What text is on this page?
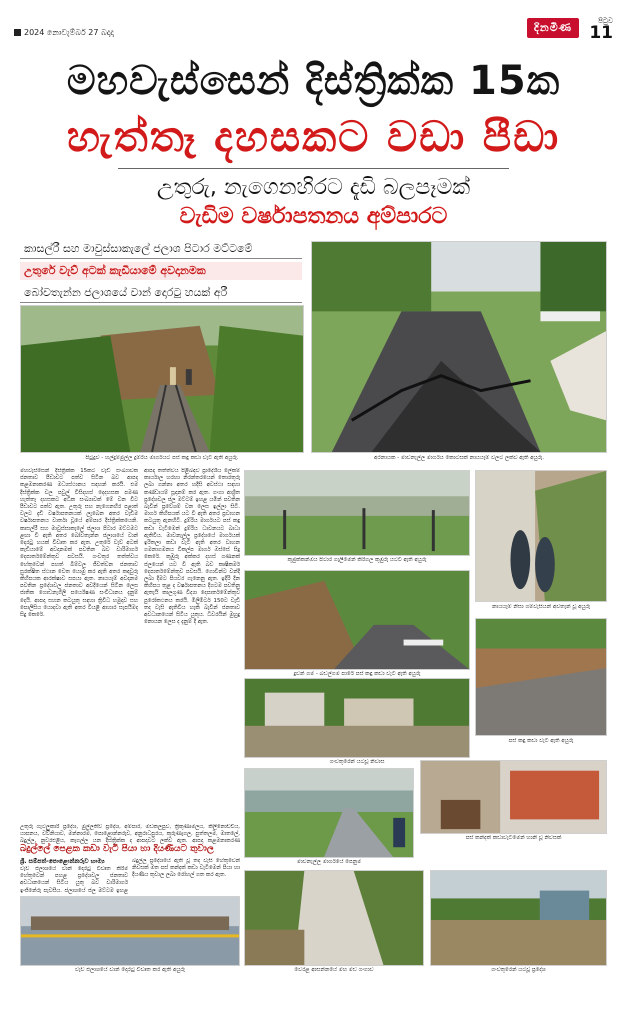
2024 නොවැම්බර් 27 බදාදා	දිනමිණ	පිටුව
11
මහවැස්සෙන් දිස්ත්‍රික්ක 15ක
හැත්තෑ දහසකට වඩා පීඩා
උතුරු, නැගෙනහිරට දැඩි බලපෑමක්
වැඩිම වර්ෂාපතනය අම්පාරට
කාසල්රී සහ මාවුස්සාකැලේ ජලාශ පිටාර මට්ටමේ
උතුරේ වැව් අටක් කැඩීයාමේ අවදානමක
බෝවතැන්න ජලාශයේ වාන් දොරටු හයක් අරී
පිටුදුව - හල්දුම්මුල්ල දුම්රිය මාර්ගයට පස් කඳු කඩා වැටී ඇති අයුරු.	අරනායක - මාවනැල්ල මාර්ගය කොටසක් නායයෑම් වලට ලක්ව ඇති අයුරු.
මහවැස්සෙන් දිස්ත්‍රික්ක 15කට වැඩි සංඛ්‍යාවක ජනතාව පීඩාවට පත්ව සිටින බව ආපදා කළමනාකරණ මධ්‍යස්ථානය සඳහන් කරයි. එම දිස්ත්‍රික්ක වල පවුල් විසිදහස් දෙදහසක පමණ හැත්තෑ දහසකට අධික සංඛ්‍යාවක් මේ වන විට පීඩාවට පත්ව ඇත. උතුරු සහ නැගෙනහිර පළාත් වලට දැඩි වර්ෂාපතනයක් ලැබෙන අතර වැඩිම වර්ෂාපතනය වාර්තා වූයේ අම්පාර දිස්ත්‍රික්කයෙනි. කාසල්රී සහ මාවුස්සාකැලේ ජලාශ පිටාර මට්ටමට ළඟා වී ඇති අතර බෝවතැන්න ජලාශයේ වාන් දොරටු හයක් විවෘත කර ඇත. උතුරේ වැව් අටක් කැඩීයාමේ අවදානමක් පවතින බව වාරිමාර්ග දෙපාර්තමේන්තුව පවසයි. ගංවතුර තත්ත්වය හේතුවෙන් පහත් බිම්වල ජීවත්වන ජනතාව සුරක්ෂිත ස්ථාන වෙත යොමු කර ඇති අතර කඳවුරු කිහිපයක ආරක්ෂාව සපයා ඇත. නායයෑම් අවදානම පවතින ප්‍රදේශවල ජනතාව අවදියෙන් සිටින ලෙස ජාතික ගොඩනැගිලි පර්යේෂණ සංවිධානය දැනුම් දෙයි. ආපදා සහන කටයුතු සඳහා ත්‍රිවිධ හමුදාව සහ පොලිසිය යොදවා ඇති අතර වියළි ආහාර සැපයීමද සිදු කෙරේ.
ආපදා තත්ත්වය පිළිබඳව ප්‍රාදේශීය ලේකම් කාර්යාල හරහා නිරන්තරයෙන් තොරතුරු ලබා ගන්නා අතර හදිසි අවස්ථා සඳහා කණ්ඩායම් සූදානම් කර ඇත. ගංගා ආශ්‍රිත ප්‍රදේශවල ජල මට්ටම් ඉහළ යමින් පවතින බැවින් ප්‍රවේශම් වන ලෙස ඉල්ලා සිටී. මාර්ග කිහිපයක් යට වී ඇති අතර ප්‍රවාහන කටයුතු ඇනහිටී. දුම්රිය මාර්ගයට පස් කඳු කඩා වැටීමෙන් දුම්රිය ධාවනයට බාධා ඇතිවිය. මාවනැල්ල ප්‍රදේශයේ මාර්ගයක් ඉරිතලා කඩා වැටී ඇති අතර වාහන ගමනාගමනය විකල්ප මාර්ග ඔස්සේ සිදු කෙරේ. කුඹුරු අක්කර දහස් ගණනක් ජලයෙන් යට වී ඇති බව කෘෂිකර්ම දෙපාර්තමේන්තුව පවසයි. ගොවීන්ට වන්දි ලබා දීමට පියවර ගැනෙනු ඇත. ඉදිරි දින කිහිපය තුළ ද වර්ෂාපතනය දිගටම පවතිනු ඇතැයි කාලගුණ විද්‍යා දෙපාර්තමේන්තුව පුරෝකථනය කරයි. මිලිමීටර් 150ට වැඩි තද වැසි ඇතිවිය හැකි බැවින් ජනතාව අවධානයෙන් සිටිය යුතුය. ධීවරයින් මුහුදු නොයන ලෙස ද දැනුම් දී ඇත.
උතුරු ගැටලුකාරී ප්‍රදේශ, මුල්ලතිව් ප්‍රදේශ, අම්පාර, මඩකලපුව, ත්‍රිකුණාමලය, කිලිනොච්චිය, යාපනය, වව්නියාව, මන්නාරම, පොළොන්නරුව, අනුරාධපුරය, කුරුණෑගල, පුත්තලම, මාතලේ, බදුල්ල, නුවරඑළිය, කෑගල්ල යන දිස්ත්‍රික්ක ද ආපදාවට ලක්ව ඇත. ආපදා කළමනාකරණ
කුඹුක්කන්ඔය පිටාර ගැලීමෙන් කිරිගල කුඹුරු යටවී ඇති අයුරු
නායයෑම් නිසා ගම්වැසියන් අවතැන් වූ අයුරු
දුවන් ගම - බඩල්ගම පාරේ පස් කඳු කඩා වැටී ඇති අයුරු
පස් කඳු කඩා වැටී ඇති අයුරු
ගංවතුරෙන් යටවූ නිවාස
මාවනැල්ල මාර්ගයේ පෙනුම
පස් කන්දක් කඩාවැටීමෙන් හානි වූ නිවසක්
බදුල්ලේ පෙළක කඩා වැටී පියා හා දියණියට තුවාල
ශ්‍රී. සම්පත්-පොළොන්නරුව හාම්‍ය
වැව් ජලාශයේ වාන් දොරටු විවෘත කිරීම හේතුවෙන් පහළ ප්‍රදේශවල ජනතාව අවධානයෙන් සිටිය යුතු බව වාරිමාර්ග ඉංජිනේරු පැවසීය. ජලාශයේ ජල මට්ටම ඉහළ
බදුල්ල ප්‍රදේශයේ ඇති වූ තද වැසි හේතුවෙන් නිවසක් මත පස් කන්දක් කඩා වැටීමෙන් පියා හා දියණිය තුවාල ලබා රෝහල් ගත කර ඇත.
වැව් ජලාශයේ වාන් දොරටු විවෘත කර ඇති අයුරු	වෙරළ ආසන්නයේ මහ මඩ ගංගාව	ගංවතුරෙන් යටවූ ප්‍රදේශ
